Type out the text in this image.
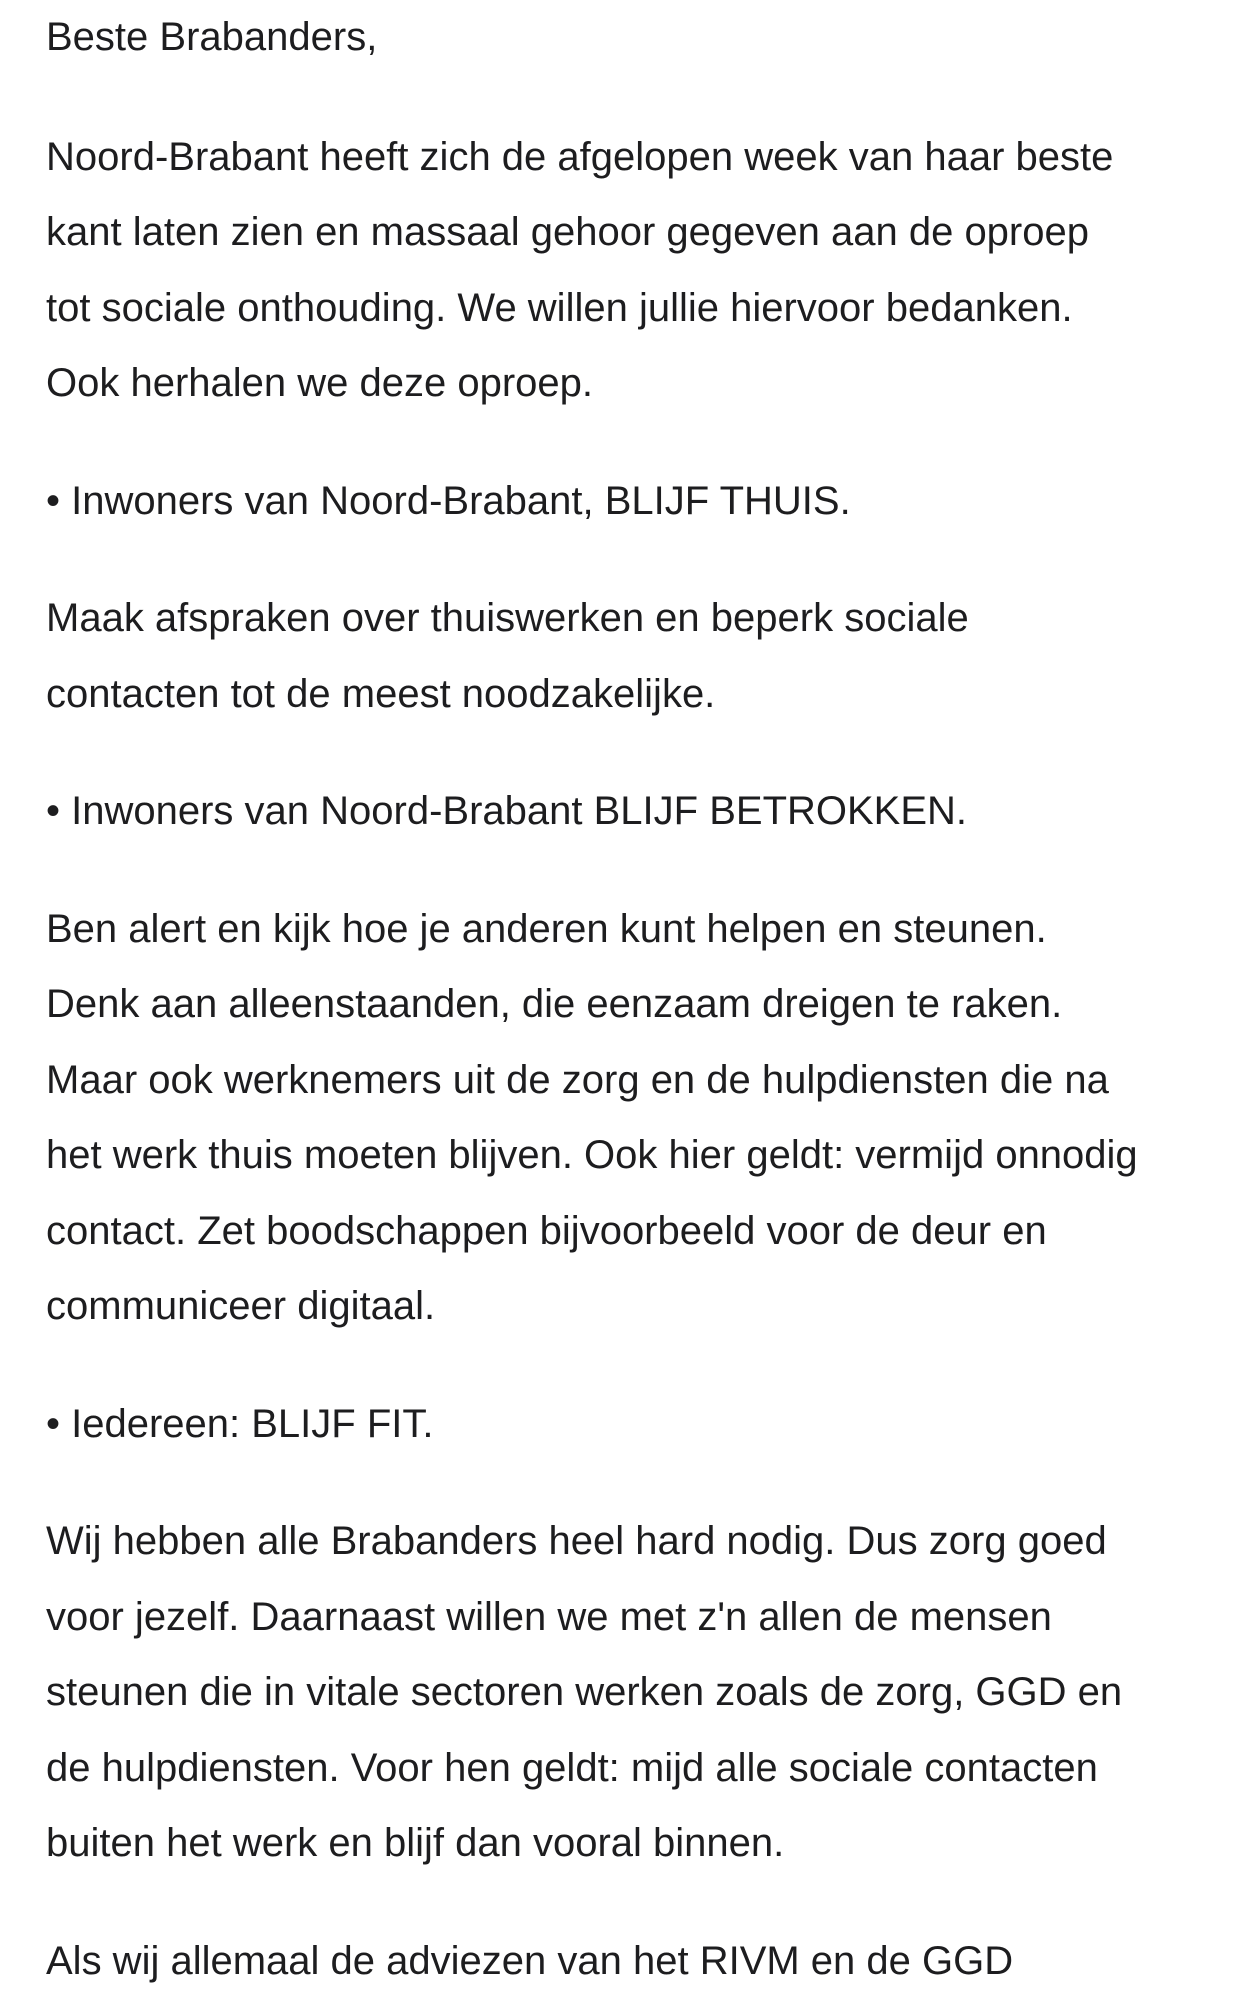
Beste Brabanders,

Noord-Brabant heeft zich de afgelopen week van haar beste

kant laten zien en massaal gehoor gegeven aan de oproep

tot sociale onthouding. We willen jullie hiervoor bedanken.

Ook herhalen we deze oproep.

• Inwoners van Noord-Brabant, BLIJF THUIS.

Maak afspraken over thuiswerken en beperk sociale

contacten tot de meest noodzakelijke.

• Inwoners van Noord-Brabant BLIJF BETROKKEN.

Ben alert en kijk hoe je anderen kunt helpen en steunen.

Denk aan alleenstaanden, die eenzaam dreigen te raken.

Maar ook werknemers uit de zorg en de hulpdiensten die na

het werk thuis moeten blijven. Ook hier geldt: vermijd onnodig

contact. Zet boodschappen bijvoorbeeld voor de deur en

communiceer digitaal.

• Iedereen: BLIJF FIT.

Wij hebben alle Brabanders heel hard nodig. Dus zorg goed

voor jezelf. Daarnaast willen we met z'n allen de mensen

steunen die in vitale sectoren werken zoals de zorg, GGD en

de hulpdiensten. Voor hen geldt: mijd alle sociale contacten

buiten het werk en blijf dan vooral binnen.

Als wij allemaal de adviezen van het RIVM en de GGD
